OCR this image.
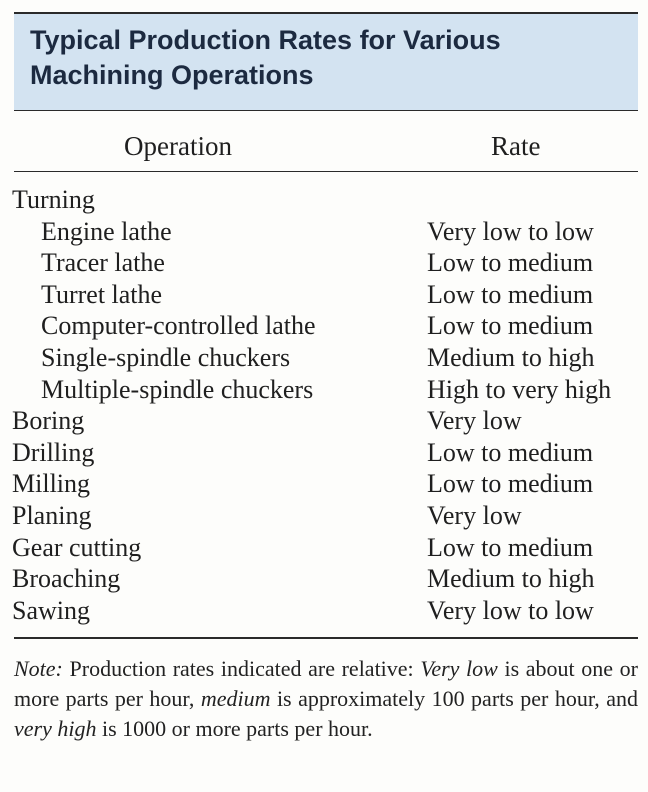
Typical Production Rates for Various Machining Operations
Operation	Rate
Turning
Engine lathe	Very low to low
Tracer lathe	Low to medium
Turret lathe	Low to medium
Computer-controlled lathe	Low to medium
Single-spindle chuckers	Medium to high
Multiple-spindle chuckers	High to very high
Boring	Very low
Drilling	Low to medium
Milling	Low to medium
Planing	Very low
Gear cutting	Low to medium
Broaching	Medium to high
Sawing	Very low to low
Note: Production rates indicated are relative: Very low is about one or more parts per hour, medium is approximately 100 parts per hour, and very high is 1000 or more parts per hour.
